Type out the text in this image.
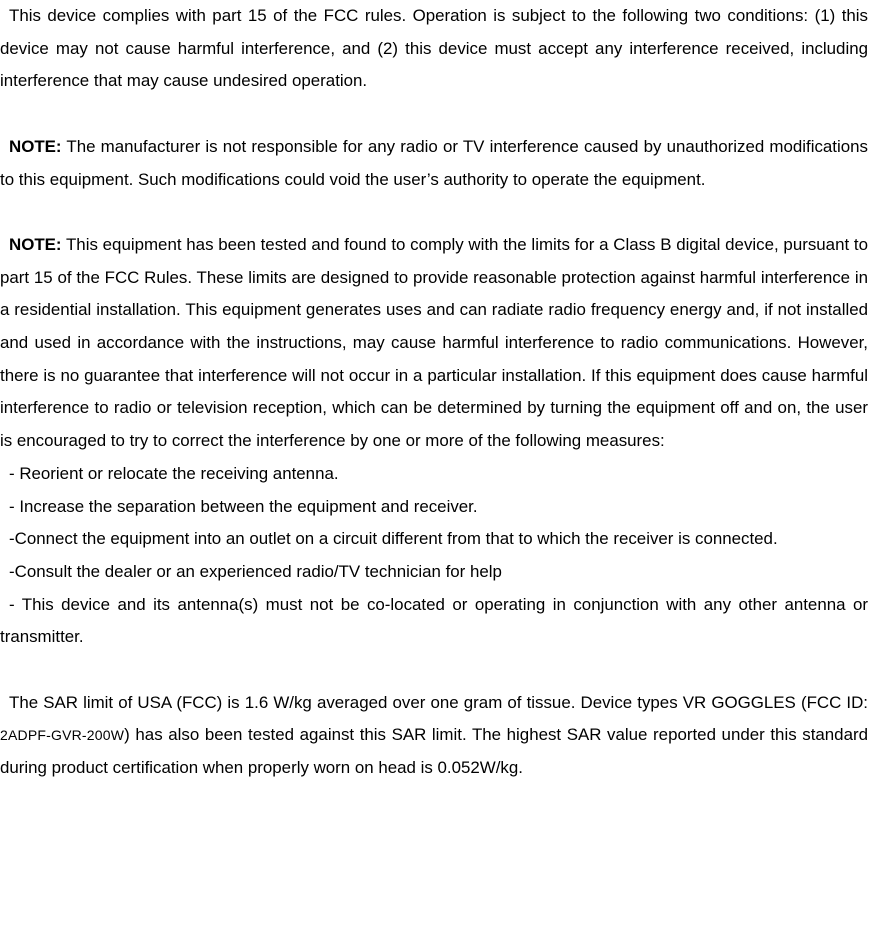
This device complies with part 15 of the FCC rules. Operation is subject to the following two conditions: (1) this device may not cause harmful interference, and (2) this device must accept any interference received, including interference that may cause undesired operation.

NOTE: The manufacturer is not responsible for any radio or TV interference caused by unauthorized modifications to this equipment. Such modifications could void the user’s authority to operate the equipment.

NOTE: This equipment has been tested and found to comply with the limits for a Class B digital device, pursuant to part 15 of the FCC Rules. These limits are designed to provide reasonable protection against harmful interference in a residential installation. This equipment generates uses and can radiate radio frequency energy and, if not installed and used in accordance with the instructions, may cause harmful interference to radio communications. However, there is no guarantee that interference will not occur in a particular installation. If this equipment does cause harmful interference to radio or television reception, which can be determined by turning the equipment off and on, the user is encouraged to try to correct the interference by one or more of the following measures:

- Reorient or relocate the receiving antenna.
- Increase the separation between the equipment and receiver.
-Connect the equipment into an outlet on a circuit different from that to which the receiver is connected.
-Consult the dealer or an experienced radio/TV technician for help
- This device and its antenna(s) must not be co-located or operating in conjunction with any other antenna or transmitter.

The SAR limit of USA (FCC) is 1.6 W/kg averaged over one gram of tissue. Device types VR GOGGLES (FCC ID: 2ADPF-GVR-200W) has also been tested against this SAR limit. The highest SAR value reported under this standard during product certification when properly worn on head is 0.052W/kg.
